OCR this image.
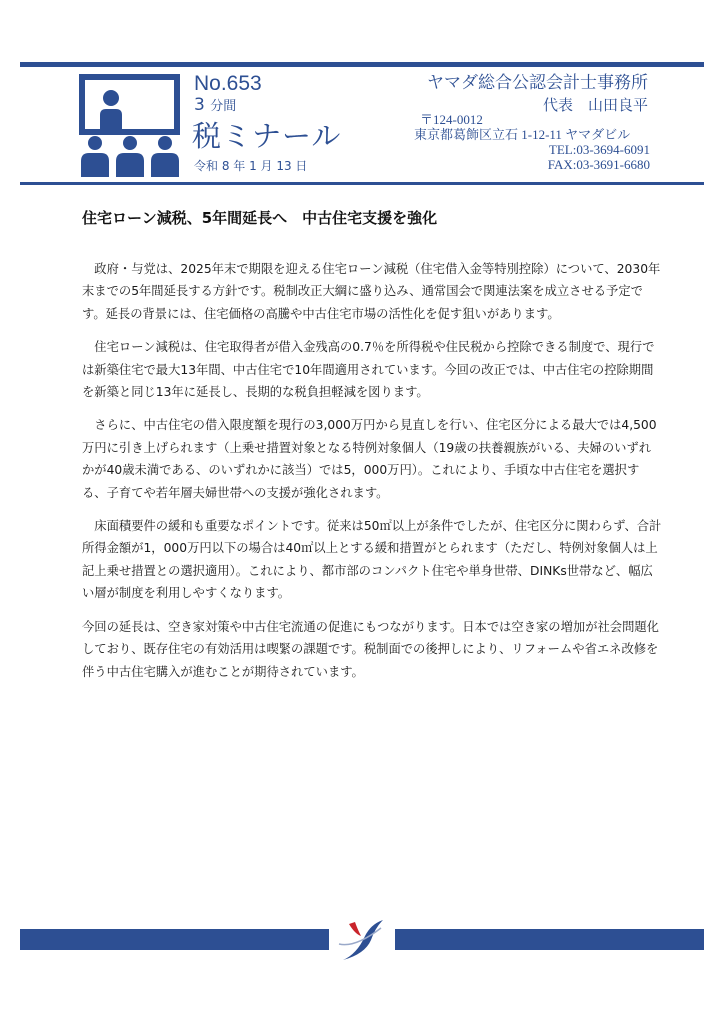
No.653
3 分間
税ミナール
令和 8 年 1 月 13 日
ヤマダ総合公認会計士事務所
代表　山田良平
〒124-0012
東京都葛飾区立石 1-12-11 ヤマダビル
TEL:03-3694-6091
FAX:03-3691-6680
住宅ローン減税、5年間延長へ　中古住宅支援を強化

政府・与党は、2025年末で期限を迎える住宅ローン減税（住宅借入金等特別控除）について、2030年末までの5年間延長する方針です。税制改正大綱に盛り込み、通常国会で関連法案を成立させる予定です。延長の背景には、住宅価格の高騰や中古住宅市場の活性化を促す狙いがあります。

住宅ローン減税は、住宅取得者が借入金残高の0.7％を所得税や住民税から控除できる制度で、現行では新築住宅で最大13年間、中古住宅で10年間適用されています。今回の改正では、中古住宅の控除期間を新築と同じ13年に延長し、長期的な税負担軽減を図ります。

さらに、中古住宅の借入限度額を現行の3,000万円から見直しを行い、住宅区分による最大では4,500万円に引き上げられます（上乗せ措置対象となる特例対象個人（19歳の扶養親族がいる、夫婦のいずれかが40歳未満である、のいずれかに該当）では5，000万円）。これにより、手頃な中古住宅を選択する、子育てや若年層夫婦世帯への支援が強化されます。

床面積要件の緩和も重要なポイントです。従来は50㎡以上が条件でしたが、住宅区分に関わらず、合計所得金額が1，000万円以下の場合は40㎡以上とする緩和措置がとられます（ただし、特例対象個人は上記上乗せ措置との選択適用）。これにより、都市部のコンパクト住宅や単身世帯、DINKs世帯など、幅広い層が制度を利用しやすくなります。

今回の延長は、空き家対策や中古住宅流通の促進にもつながります。日本では空き家の増加が社会問題化しており、既存住宅の有効活用は喫緊の課題です。税制面での後押しにより、リフォームや省エネ改修を伴う中古住宅購入が進むことが期待されています。
